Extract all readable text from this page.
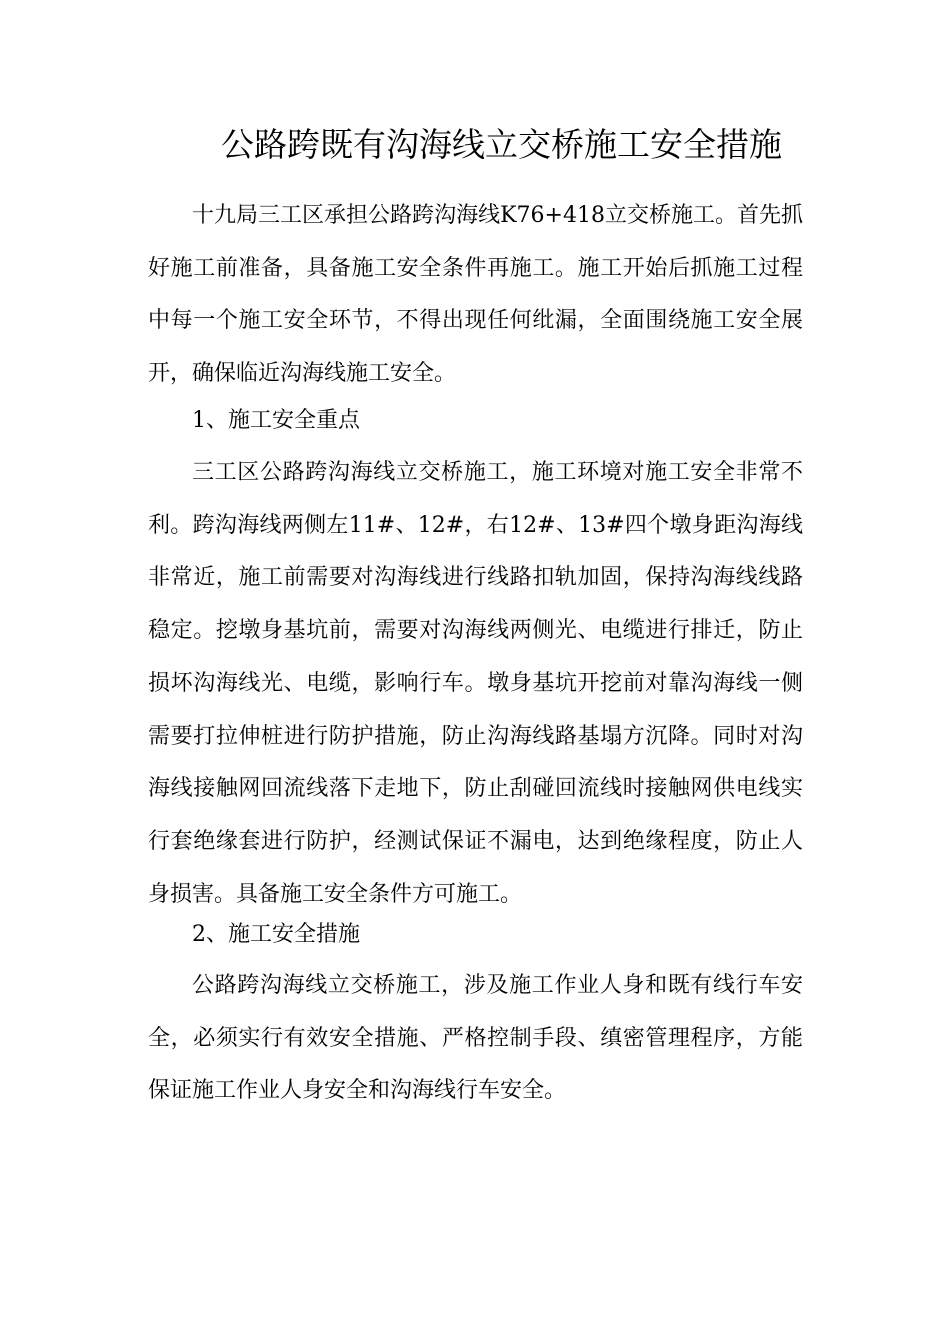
公路跨既有沟海线立交桥施工安全措施
十九局三工区承担公路跨沟海线K76+418立交桥施工。首先抓好施工前准备，具备施工安全条件再施工。施工开始后抓施工过程中每一个施工安全环节，不得出现任何纰漏，全面围绕施工安全展开，确保临近沟海线施工安全。
1、施工安全重点
三工区公路跨沟海线立交桥施工，施工环境对施工安全非常不利。跨沟海线两侧左11#、12#，右12#、13#四个墩身距沟海线非常近，施工前需要对沟海线进行线路扣轨加固，保持沟海线线路稳定。挖墩身基坑前，需要对沟海线两侧光、电缆进行排迁，防止损坏沟海线光、电缆，影响行车。墩身基坑开挖前对靠沟海线一侧需要打拉伸桩进行防护措施，防止沟海线路基塌方沉降。同时对沟海线接触网回流线落下走地下，防止刮碰回流线时接触网供电线实行套绝缘套进行防护，经测试保证不漏电，达到绝缘程度，防止人身损害。具备施工安全条件方可施工。
2、施工安全措施
公路跨沟海线立交桥施工，涉及施工作业人身和既有线行车安全，必须实行有效安全措施、严格控制手段、缜密管理程序，方能保证施工作业人身安全和沟海线行车安全。
